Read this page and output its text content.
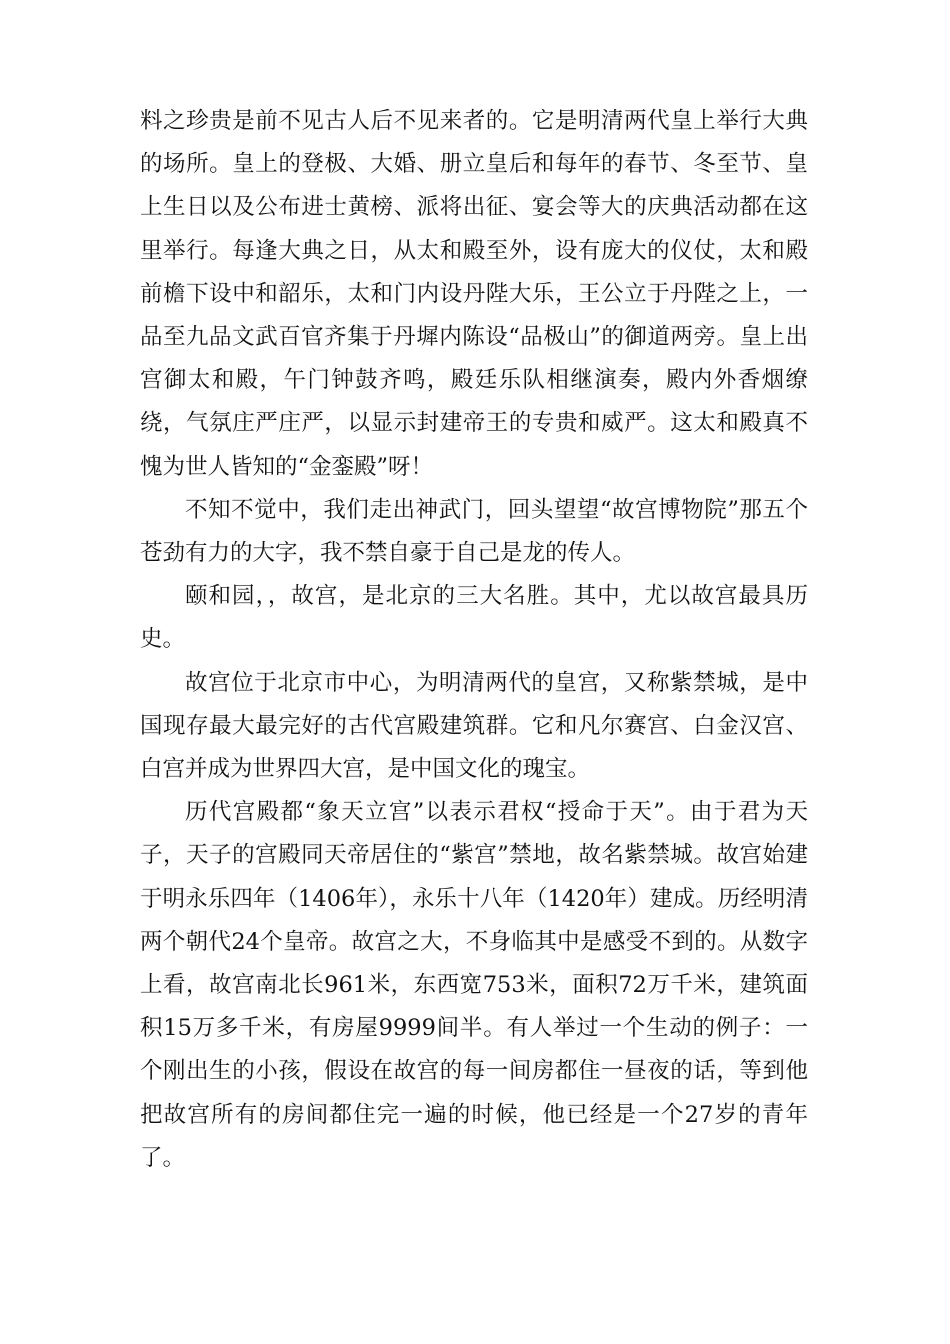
料之珍贵是前不见古人后不见来者的。它是明清两代皇上举行大典的场所。皇上的登极、大婚、册立皇后和每年的春节、冬至节、皇上生日以及公布进士黄榜、派将出征、宴会等大的庆典活动都在这里举行。每逢大典之日，从太和殿至外，设有庞大的仪仗，太和殿前檐下设中和韶乐，太和门内设丹陛大乐，王公立于丹陛之上，一品至九品文武百官齐集于丹墀内陈设“品极山”的御道两旁。皇上出宫御太和殿，午门钟鼓齐鸣，殿廷乐队相继演奏，殿内外香烟缭绕，气氛庄严庄严，以显示封建帝王的专贵和威严。这太和殿真不愧为世人皆知的“金銮殿”呀！

不知不觉中，我们走出神武门，回头望望“故宫博物院”那五个苍劲有力的大字，我不禁自豪于自己是龙的传人。

颐和园，，故宫，是北京的三大名胜。其中，尤以故宫最具历史。

故宫位于北京市中心，为明清两代的皇宫，又称紫禁城，是中国现存最大最完好的古代宫殿建筑群。它和凡尔赛宫、白金汉宫、白宫并成为世界四大宫，是中国文化的瑰宝。

历代宫殿都“象天立宫”以表示君权“授命于天”。由于君为天子，天子的宫殿同天帝居住的“紫宫”禁地，故名紫禁城。故宫始建于明永乐四年（1406年），永乐十八年（1420年）建成。历经明清两个朝代24个皇帝。故宫之大，不身临其中是感受不到的。从数字上看，故宫南北长961米，东西宽753米，面积72万千米，建筑面积15万多千米，有房屋9999间半。有人举过一个生动的例子：一个刚出生的小孩，假设在故宫的每一间房都住一昼夜的话，等到他把故宫所有的房间都住完一遍的时候，他已经是一个27岁的青年了。
